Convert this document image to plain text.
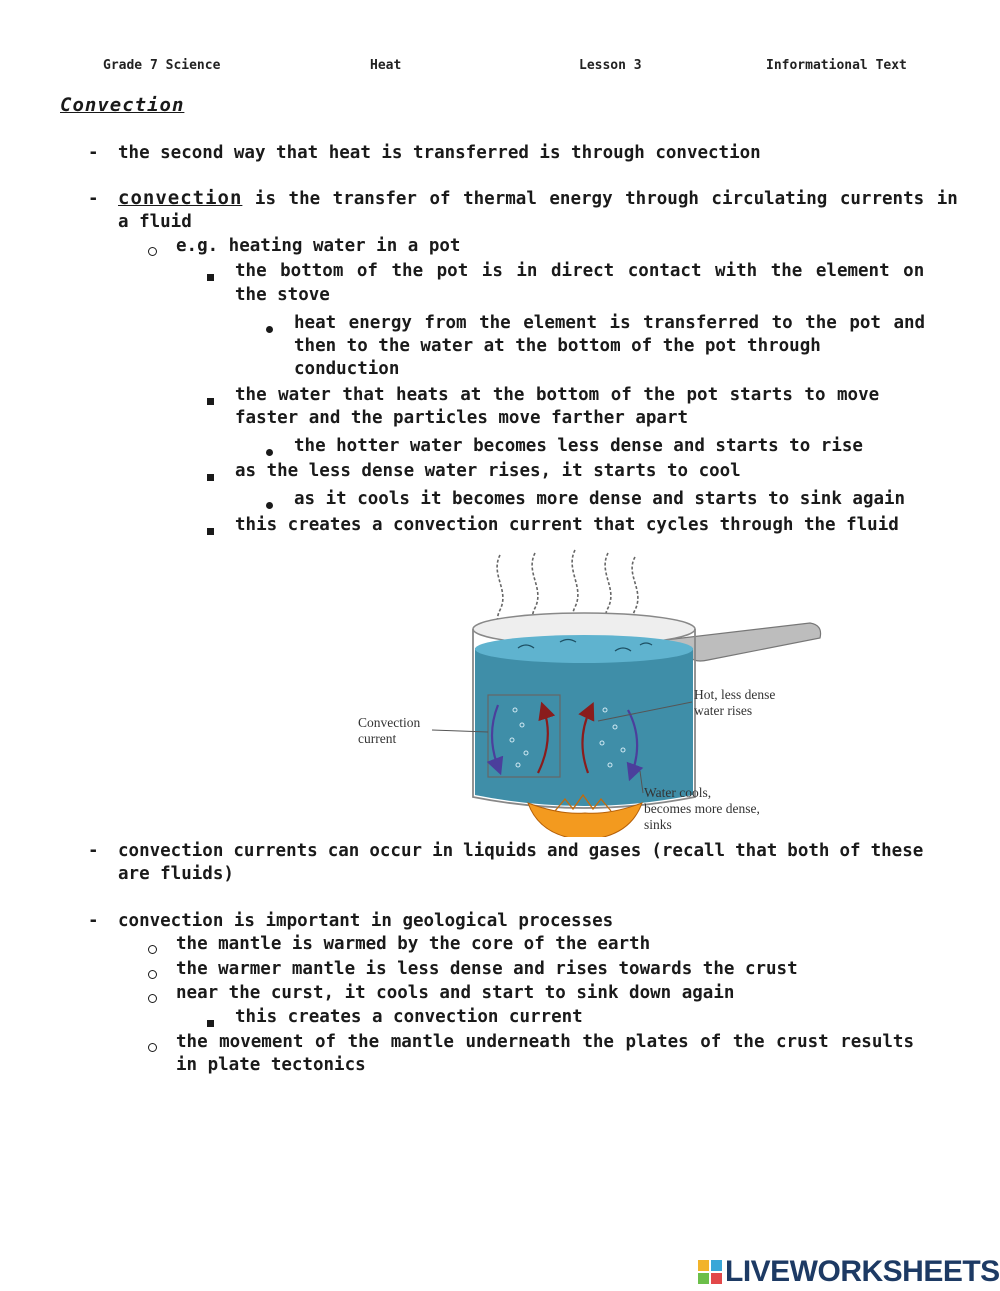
Grade 7 Science	Heat	Lesson 3	Informational Text
Convection
- the second way that heat is transferred is through convection
- convection is the transfer of thermal energy through circulating currents in
a fluid
e.g. heating water in a pot
the bottom of the pot is in direct contact with the element on
the stove
heat energy from the element is transferred to the pot and
then to the water at the bottom of the pot through
conduction
the water that heats at the bottom of the pot starts to move
faster and the particles move farther apart
the hotter water becomes less dense and starts to rise
as the less dense water rises, it starts to cool
as it cools it becomes more dense and starts to sink again
this creates a convection current that cycles through the fluid
Convection
current
Hot, less dense
water rises
Water cools,
becomes more dense,
sinks
- convection currents can occur in liquids and gases (recall that both of these
are fluids)
- convection is important in geological processes
the mantle is warmed by the core of the earth
the warmer mantle is less dense and rises towards the crust
near the curst, it cools and start to sink down again
this creates a convection current
the movement of the mantle underneath the plates of the crust results
in plate tectonics
LIVEWORKSHEETS
